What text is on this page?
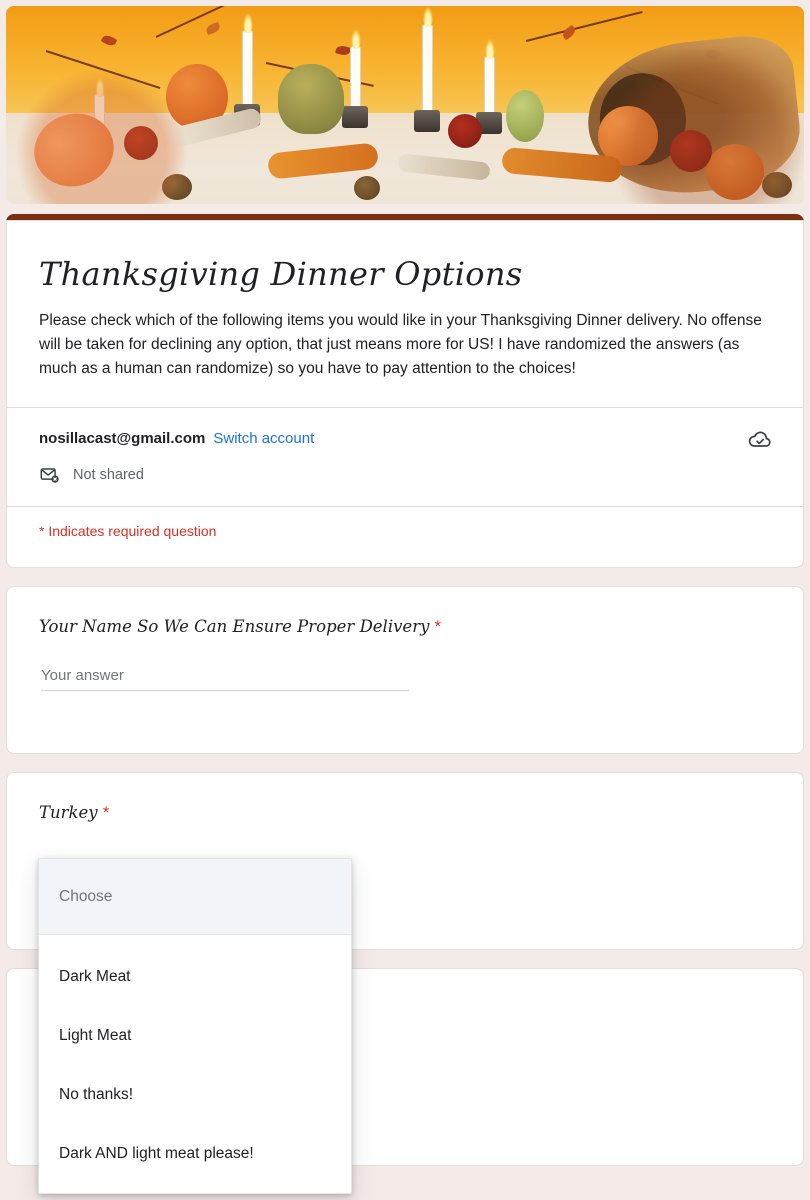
Thanksgiving Dinner Options
Please check which of the following items you would like in your Thanksgiving Dinner delivery. No offense will be taken for declining any option, that just means more for US! I have randomized the answers (as much as a human can randomize) so you have to pay attention to the choices!
nosillacast@gmail.com Switch account
Not shared
* Indicates required question
Your Name So We Can Ensure Proper Delivery *
Your answer
Turkey *
Choose
Dark Meat
Light Meat
No thanks!
Dark AND light meat please!
